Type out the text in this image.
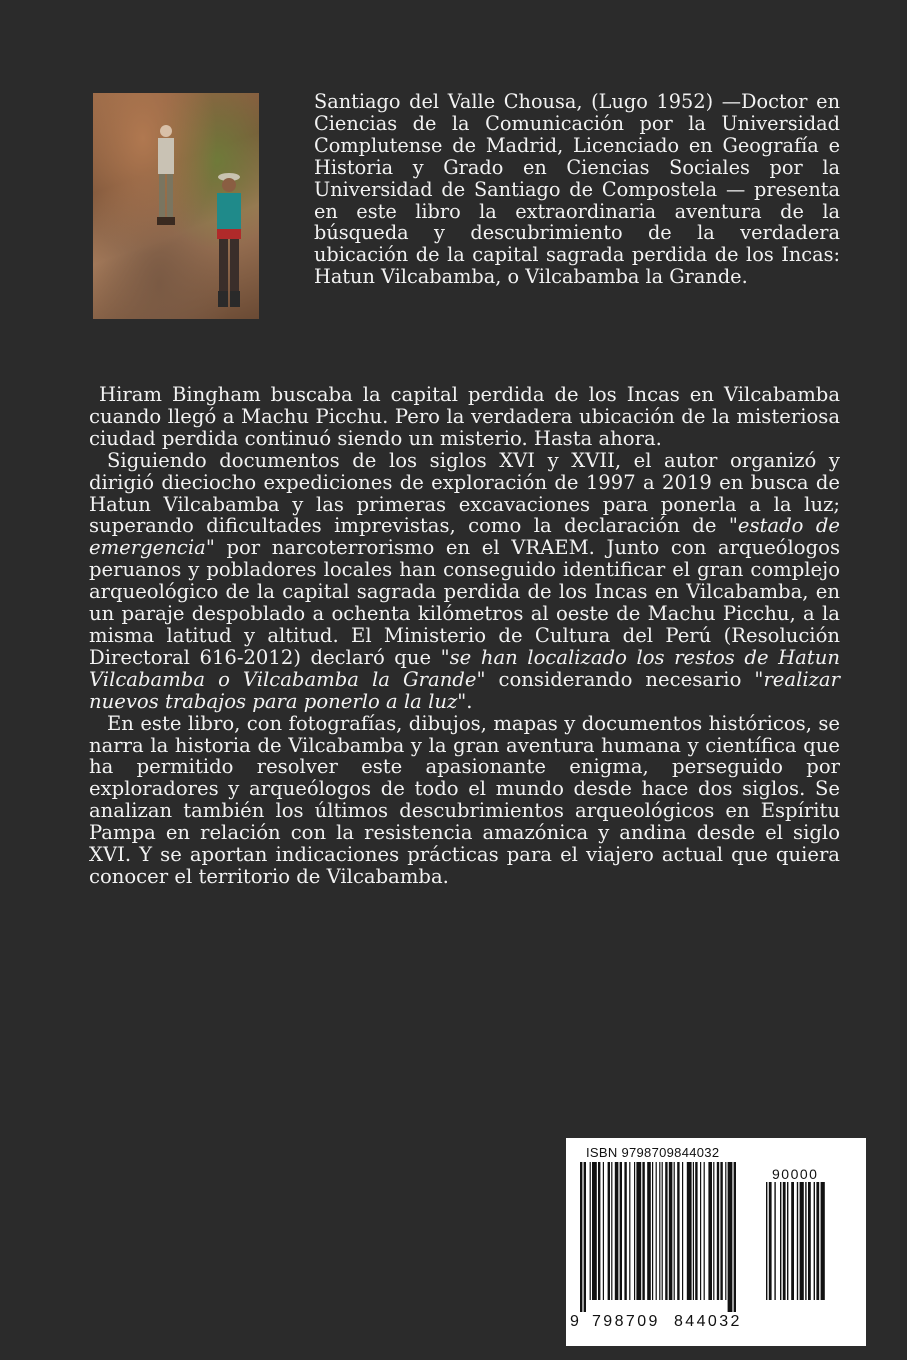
Santiago del Valle Chousa, (Lugo 1952) —Doctor en Ciencias de la Comunicación por la Universidad Complutense de Madrid, Licenciado en Geografía e Historia y Grado en Ciencias Sociales por la Universidad de Santiago de Compostela — presenta en este libro la extraordinaria aventura de la búsqueda y descubrimiento de la verdadera ubicación de la capital sagrada perdida de los Incas: Hatun Vilcabamba, o Vilcabamba la Grande.

Hiram Bingham buscaba la capital perdida de los Incas en Vilcabamba cuando llegó a Machu Picchu. Pero la verdadera ubicación de la misteriosa ciudad perdida continuó siendo un misterio. Hasta ahora.

Siguiendo documentos de los siglos XVI y XVII, el autor organizó y dirigió dieciocho expediciones de exploración de 1997 a 2019 en busca de Hatun Vilcabamba y las primeras excavaciones para ponerla a la luz; superando dificultades imprevistas, como la declaración de "estado de emergencia" por narcoterrorismo en el VRAEM. Junto con arqueólogos peruanos y pobladores locales han conseguido identificar el gran complejo arqueológico de la capital sagrada perdida de los Incas en Vilcabamba, en un paraje despoblado a ochenta kilómetros al oeste de Machu Picchu, a la misma latitud y altitud. El Ministerio de Cultura del Perú (Resolución Directoral 616-2012) declaró que "se han localizado los restos de Hatun Vilcabamba o Vilcabamba la Grande" considerando necesario "realizar nuevos trabajos para ponerlo a la luz".

En este libro, con fotografías, dibujos, mapas y documentos históricos, se narra la historia de Vilcabamba y la gran aventura humana y científica que ha permitido resolver este apasionante enigma, perseguido por exploradores y arqueólogos de todo el mundo desde hace dos siglos. Se analizan también los últimos descubrimientos arqueológicos en Espíritu Pampa en relación con la resistencia amazónica y andina desde el siglo XVI. Y se aportan indicaciones prácticas para el viajero actual que quiera conocer el territorio de Vilcabamba.

ISBN 9798709844032
90000
9 798709 844032
